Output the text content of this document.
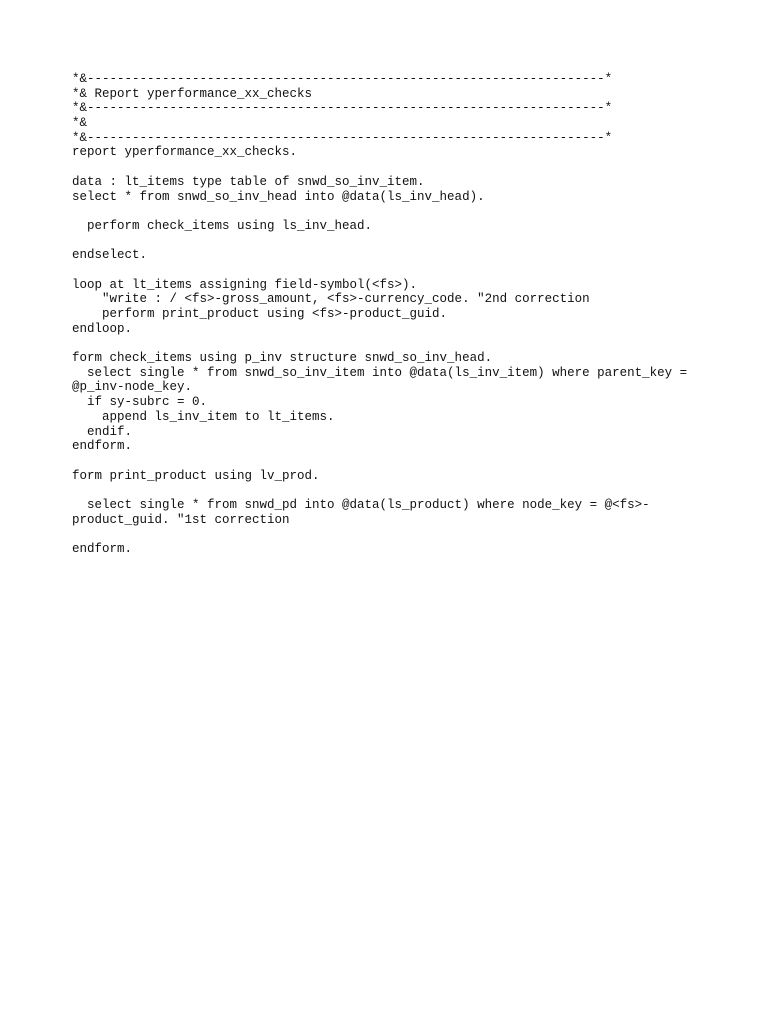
*&---------------------------------------------------------------------*
*& Report yperformance_xx_checks
*&---------------------------------------------------------------------*
*&
*&---------------------------------------------------------------------*
report yperformance_xx_checks.
data : lt_items type table of snwd_so_inv_item.
select * from snwd_so_inv_head into @data(ls_inv_head).
perform check_items using ls_inv_head.
endselect.
loop at lt_items assigning field-symbol(<fs>).
"write : / <fs>-gross_amount, <fs>-currency_code. "2nd correction
perform print_product using <fs>-product_guid.
endloop.
form check_items using p_inv structure snwd_so_inv_head.
select single * from snwd_so_inv_item into @data(ls_inv_item) where parent_key =
@p_inv-node_key.
if sy-subrc = 0.
append ls_inv_item to lt_items.
endif.
endform.
form print_product using lv_prod.
select single * from snwd_pd into @data(ls_product) where node_key = @<fs>-
product_guid. "1st correction
endform.
